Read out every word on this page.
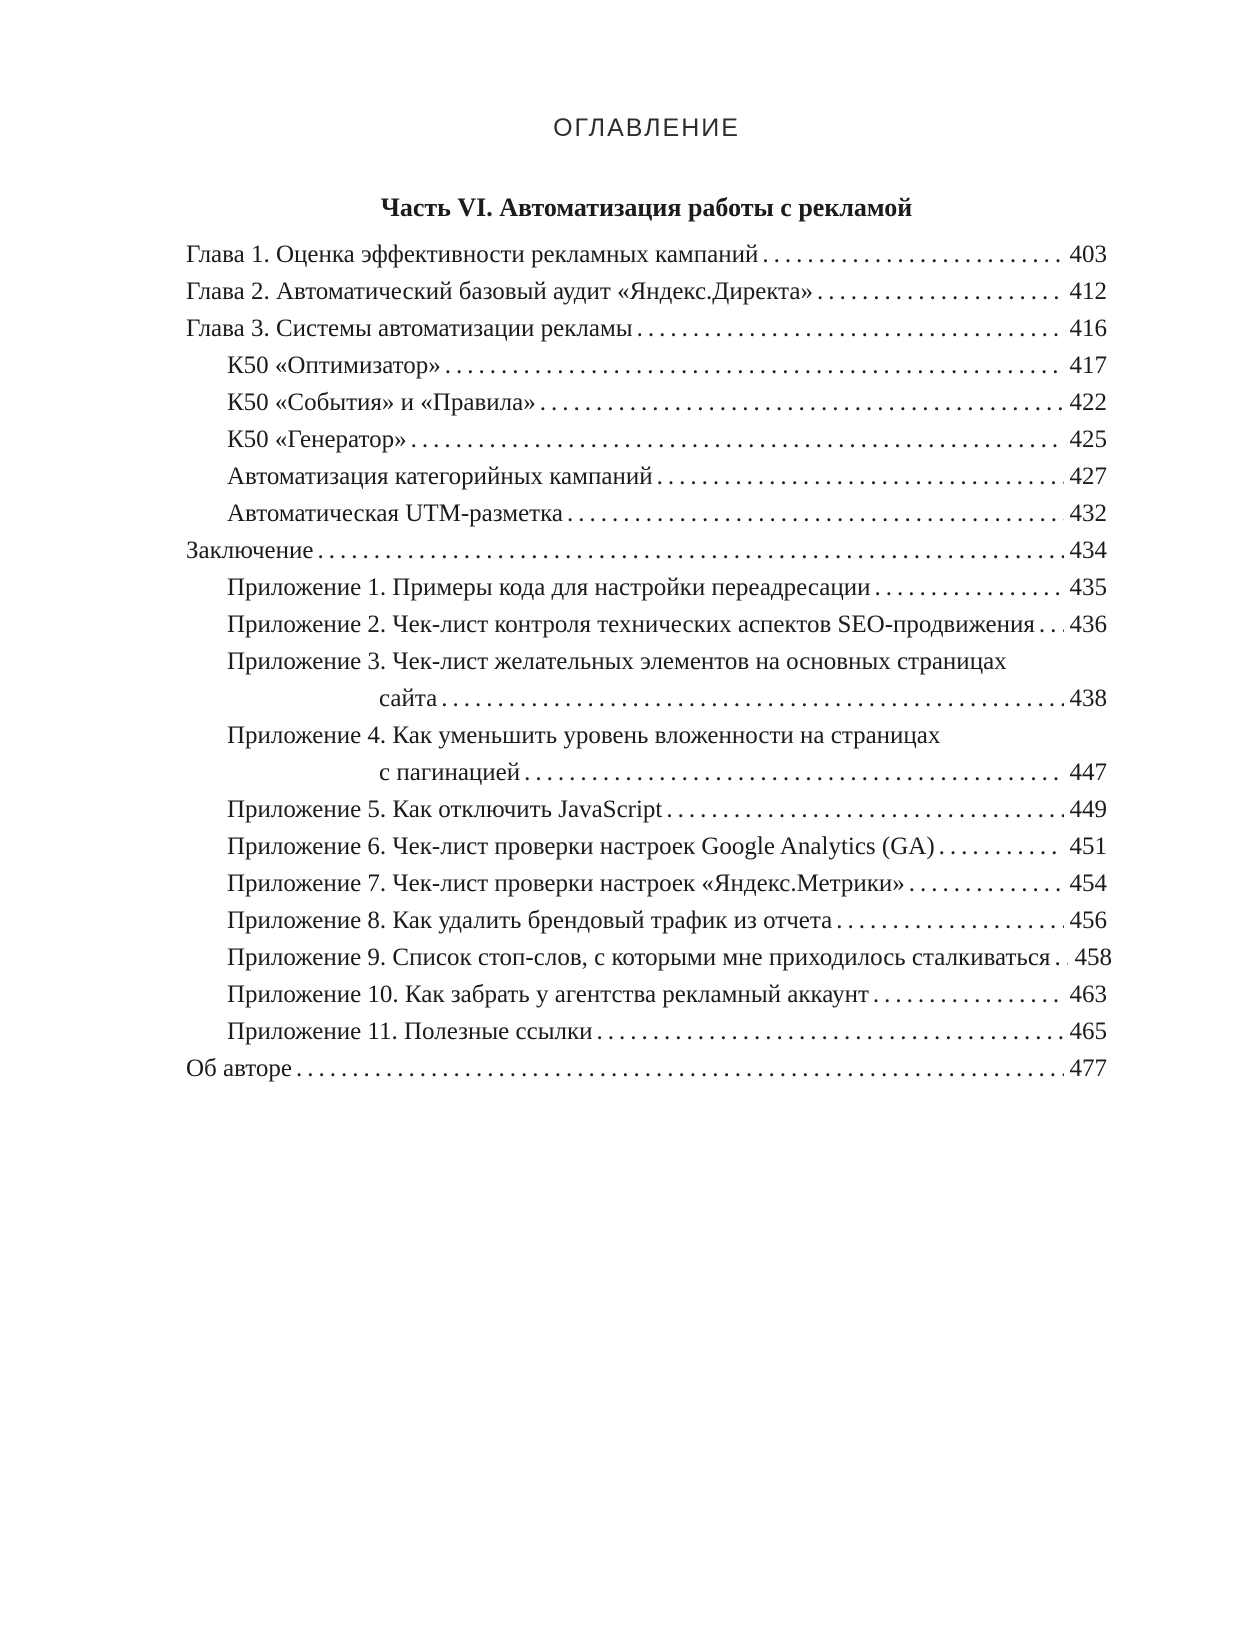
ОГЛАВЛЕНИЕ
Часть VI. Автоматизация работы с рекламой
Глава 1. Оценка эффективности рекламных кампаний .....	403
Глава 2. Автоматический базовый аудит «Яндекс.Директа» .....	412
Глава 3. Системы автоматизации рекламы .....	416
К50 «Оптимизатор» .....	417
К50 «События» и «Правила» .....	422
К50 «Генератор» .....	425
Автоматизация категорийных кампаний .....	427
Автоматическая UTM-разметка .....	432
Заключение .....	434
Приложение 1. Примеры кода для настройки переадресации .....	435
Приложение 2. Чек-лист контроля технических аспектов SEO-продвижения ..... 436
Приложение 3. Чек-лист желательных элементов на основных страницах
сайта .....	438
Приложение 4. Как уменьшить уровень вложенности на страницах
с пагинацией .....	447
Приложение 5. Как отключить JavaScript .....	449
Приложение 6. Чек-лист проверки настроек Google Analytics (GA) .....	451
Приложение 7. Чек-лист проверки настроек «Яндекс.Метрики» .....	454
Приложение 8. Как удалить брендовый трафик из отчета .....	456
Приложение 9. Список стоп-слов, с которыми мне приходилось сталкиваться ..... 458
Приложение 10. Как забрать у агентства рекламный аккаунт .....	463
Приложение 11. Полезные ссылки .....	465
Об авторе .....	477
